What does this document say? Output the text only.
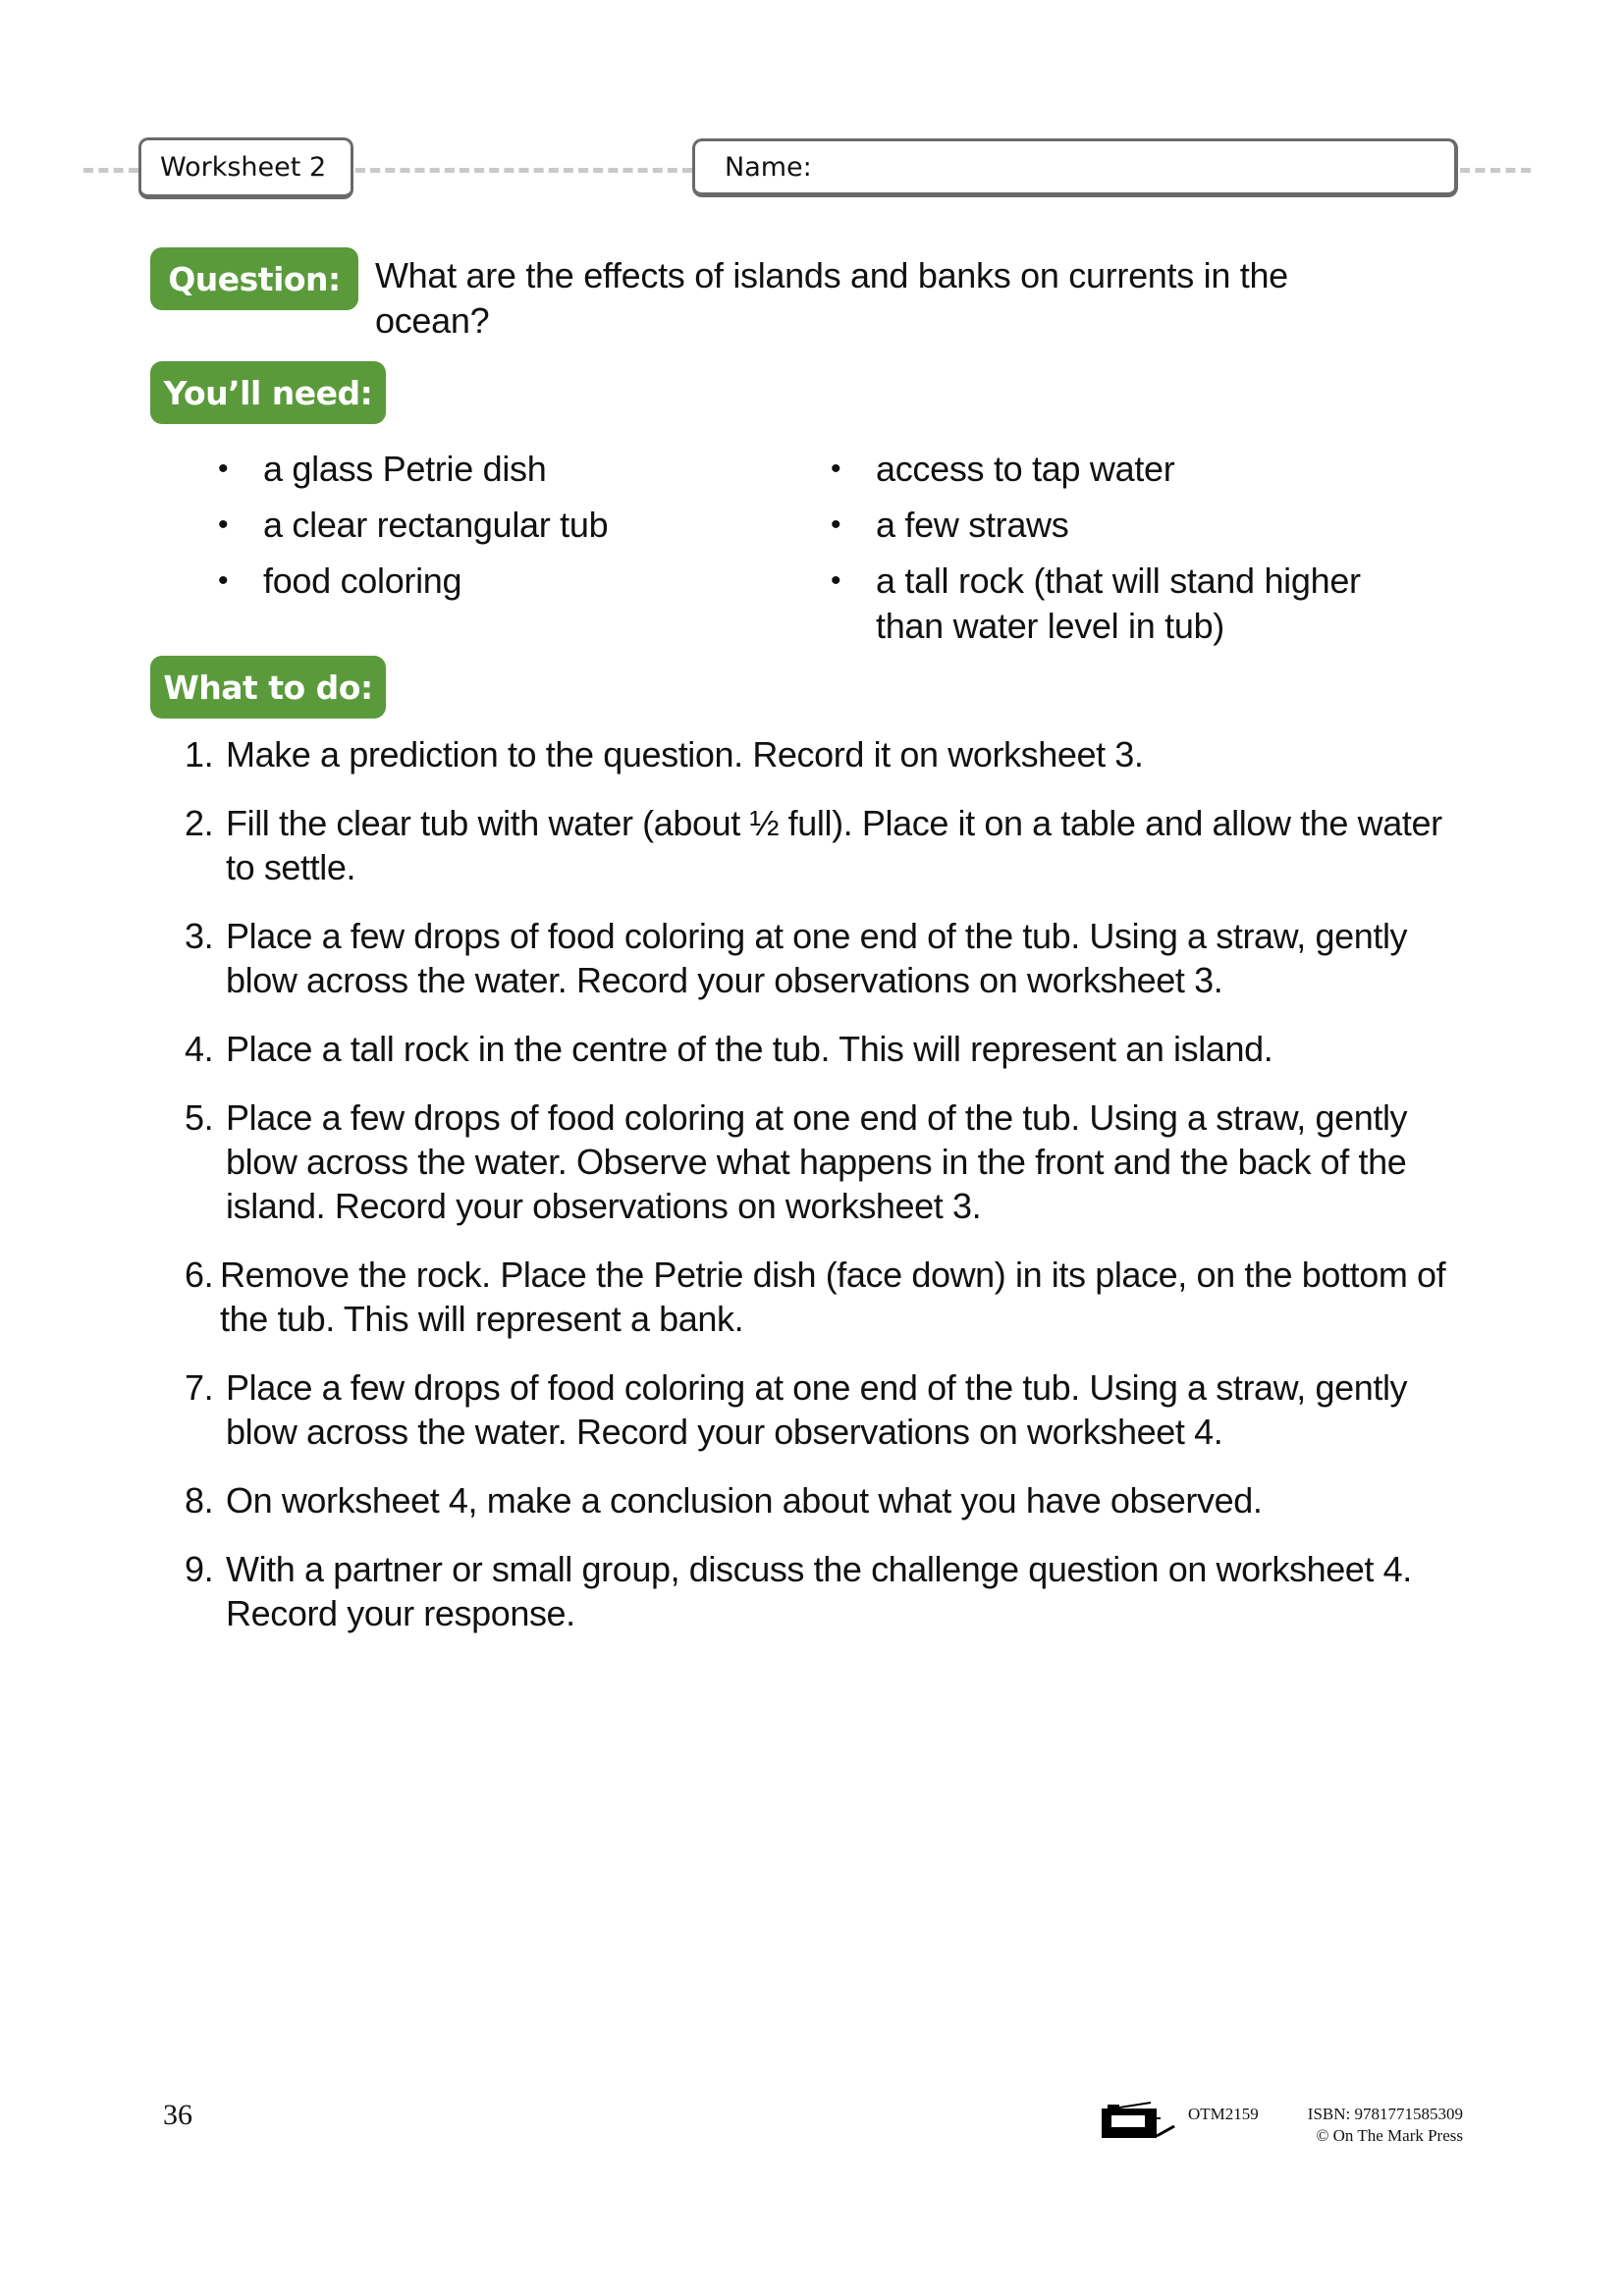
Worksheet 2	Name:
Question: What are the effects of islands and banks on currents in the ocean?
You’ll need:
• a glass Petrie dish
• a clear rectangular tub
• food coloring
• access to tap water
• a few straws
• a tall rock (that will stand higher than water level in tub)
What to do:
1. Make a prediction to the question. Record it on worksheet 3.
2. Fill the clear tub with water (about ½ full). Place it on a table and allow the water to settle.
3. Place a few drops of food coloring at one end of the tub. Using a straw, gently blow across the water. Record your observations on worksheet 3.
4. Place a tall rock in the centre of the tub. This will represent an island.
5. Place a few drops of food coloring at one end of the tub. Using a straw, gently blow across the water. Observe what happens in the front and the back of the island. Record your observations on worksheet 3.
6. Remove the rock. Place the Petrie dish (face down) in its place, on the bottom of the tub. This will represent a bank.
7. Place a few drops of food coloring at one end of the tub. Using a straw, gently blow across the water. Record your observations on worksheet 4.
8. On worksheet 4, make a conclusion about what you have observed.
9. With a partner or small group, discuss the challenge question on worksheet 4. Record your response.
36	OTM2159	ISBN: 9781771585309
© On The Mark Press
